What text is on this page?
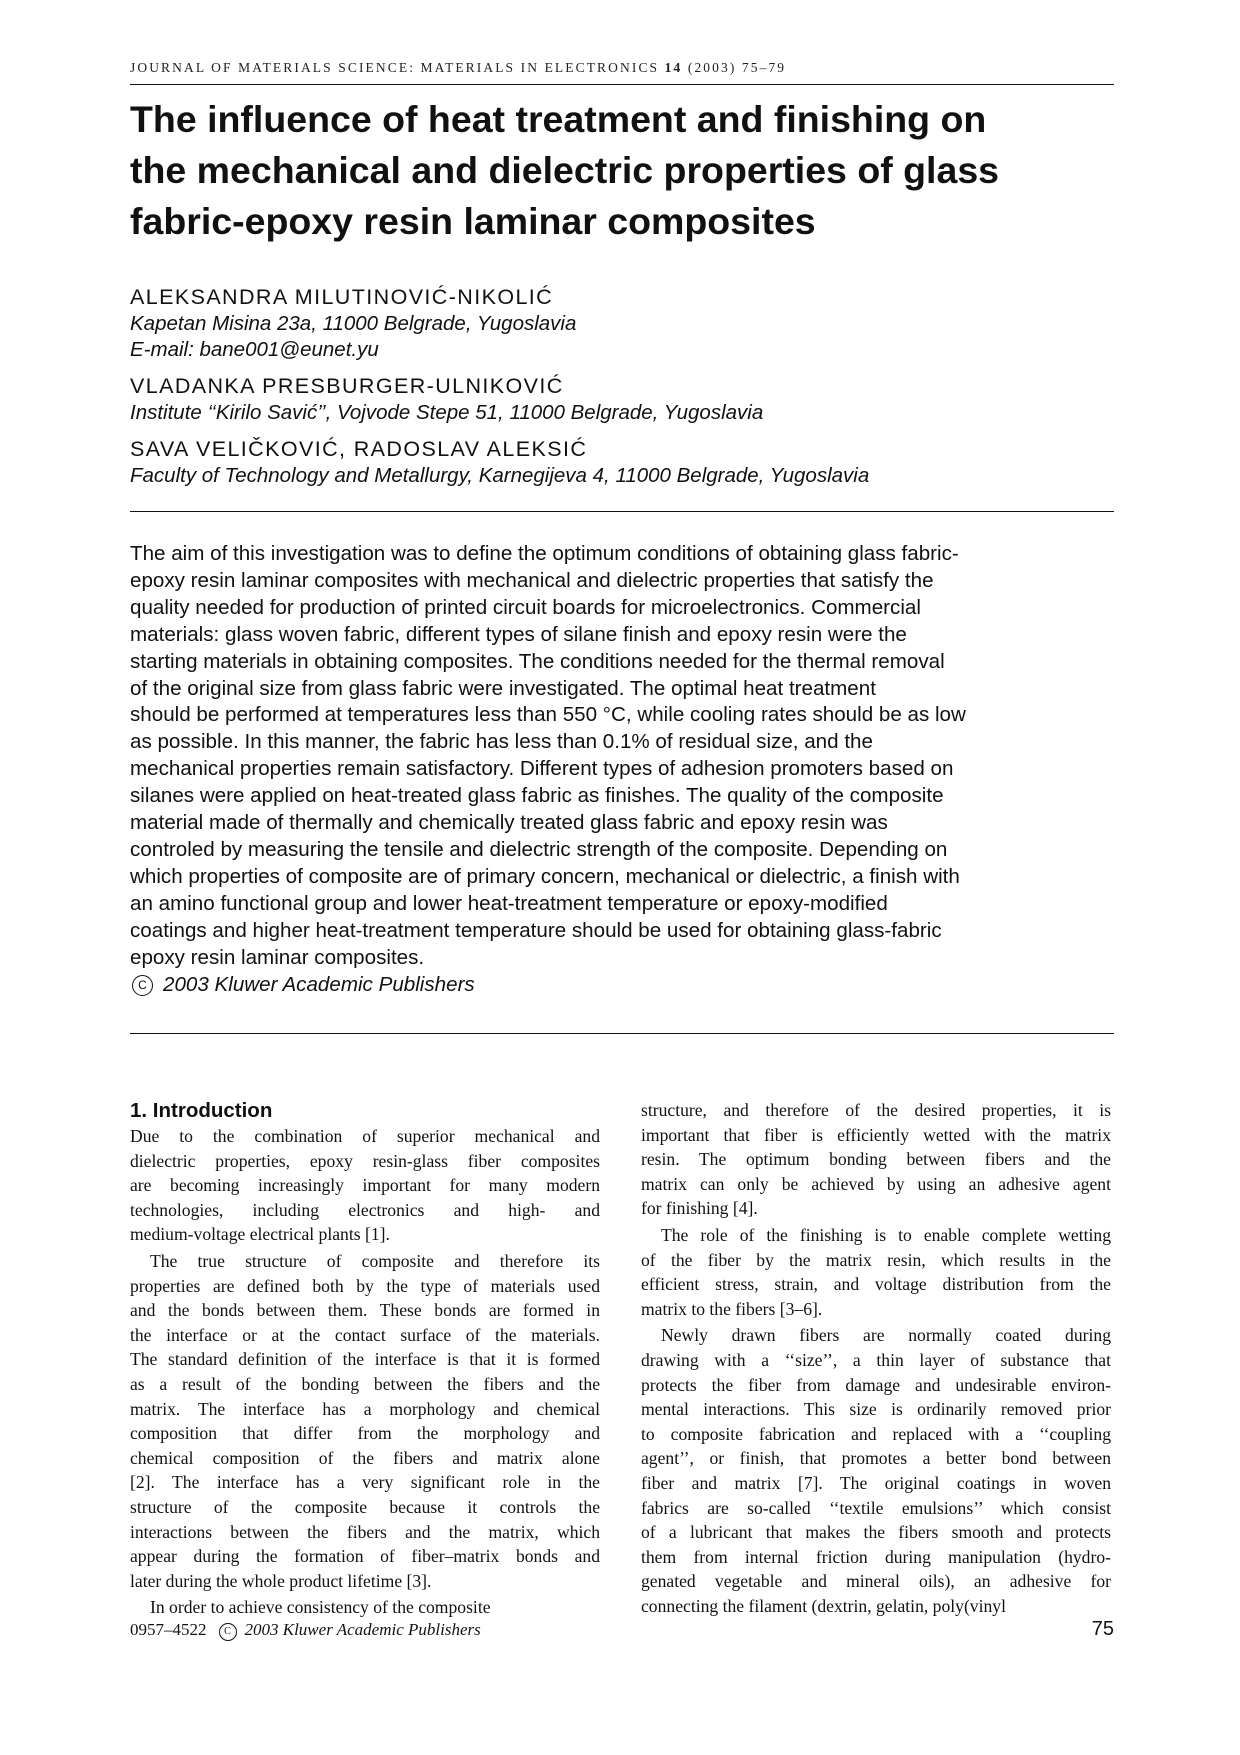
JOURNAL OF MATERIALS SCIENCE: MATERIALS IN ELECTRONICS 14 (2003) 75–79
The influence of heat treatment and finishing on
the mechanical and dielectric properties of glass
fabric-epoxy resin laminar composites
ALEKSANDRA MILUTINOVIĆ-NIKOLIĆ
Kapetan Misina 23a, 11000 Belgrade, Yugoslavia
E-mail: bane001@eunet.yu
VLADANKA PRESBURGER-ULNIKOVIĆ
Institute ‘‘Kirilo Savić’’, Vojvode Stepe 51, 11000 Belgrade, Yugoslavia
SAVA VELIČKOVIĆ, RADOSLAV ALEKSIĆ
Faculty of Technology and Metallurgy, Karnegijeva 4, 11000 Belgrade, Yugoslavia
The aim of this investigation was to define the optimum conditions of obtaining glass fabric-
epoxy resin laminar composites with mechanical and dielectric properties that satisfy the
quality needed for production of printed circuit boards for microelectronics. Commercial
materials: glass woven fabric, different types of silane finish and epoxy resin were the
starting materials in obtaining composites. The conditions needed for the thermal removal
of the original size from glass fabric were investigated. The optimal heat treatment
should be performed at temperatures less than 550 °C, while cooling rates should be as low
as possible. In this manner, the fabric has less than 0.1% of residual size, and the
mechanical properties remain satisfactory. Different types of adhesion promoters based on
silanes were applied on heat-treated glass fabric as finishes. The quality of the composite
material made of thermally and chemically treated glass fabric and epoxy resin was
controled by measuring the tensile and dielectric strength of the composite. Depending on
which properties of composite are of primary concern, mechanical or dielectric, a finish with
an amino functional group and lower heat-treatment temperature or epoxy-modified
coatings and higher heat-treatment temperature should be used for obtaining glass-fabric
epoxy resin laminar composites.
C 2003 Kluwer Academic Publishers
1. Introduction
Due to the combination of superior mechanical and
dielectric properties, epoxy resin-glass fiber composites
are becoming increasingly important for many modern
technologies, including electronics and high- and
medium-voltage electrical plants [1].
The true structure of composite and therefore its
properties are defined both by the type of materials used
and the bonds between them. These bonds are formed in
the interface or at the contact surface of the materials.
The standard definition of the interface is that it is formed
as a result of the bonding between the fibers and the
matrix. The interface has a morphology and chemical
composition that differ from the morphology and
chemical composition of the fibers and matrix alone
[2]. The interface has a very significant role in the
structure of the composite because it controls the
interactions between the fibers and the matrix, which
appear during the formation of fiber–matrix bonds and
later during the whole product lifetime [3].
In order to achieve consistency of the composite
structure, and therefore of the desired properties, it is
important that fiber is efficiently wetted with the matrix
resin. The optimum bonding between fibers and the
matrix can only be achieved by using an adhesive agent
for finishing [4].
The role of the finishing is to enable complete wetting
of the fiber by the matrix resin, which results in the
efficient stress, strain, and voltage distribution from the
matrix to the fibers [3–6].
Newly drawn fibers are normally coated during
drawing with a ‘‘size’’, a thin layer of substance that
protects the fiber from damage and undesirable environ-
mental interactions. This size is ordinarily removed prior
to composite fabrication and replaced with a ‘‘coupling
agent’’, or finish, that promotes a better bond between
fiber and matrix [7]. The original coatings in woven
fabrics are so-called ‘‘textile emulsions’’ which consist
of a lubricant that makes the fibers smooth and protects
them from internal friction during manipulation (hydro-
genated vegetable and mineral oils), an adhesive for
connecting the filament (dextrin, gelatin, poly(vinyl
0957–4522 C 2003 Kluwer Academic Publishers	75
